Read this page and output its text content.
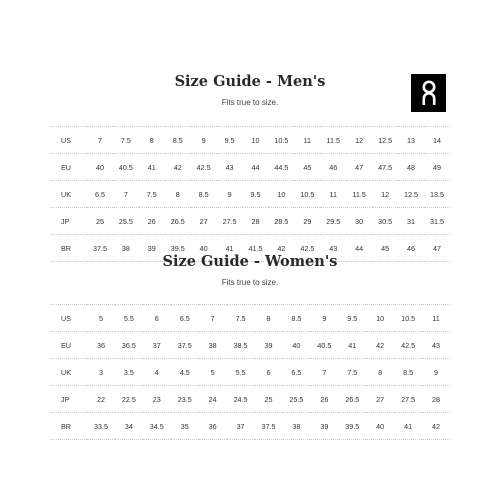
Size Guide - Men's

Fits true to size.

US	7	7.5	8	8.5	9	9.5	10	10.5	11	11.5	12	12.5	13	14
EU	40	40.5	41	42	42.5	43	44	44.5	45	46	47	47.5	48	49
UK	6.5	7	7.5	8	8.5	9	9.5	10	10.5	11	11.5	12	12.5	13.5
JP	25	25.5	26	26.5	27	27.5	28	28.5	29	29.5	30	30.5	31	31.5
BR	37.5	38	39	39.5	40	41	41.5	42	42.5	43	44	45	46	47
Size Guide - Women's

Fits true to size.

US	5	5.5	6	6.5	7	7.5	8	8.5	9	9.5	10	10.5	11
EU	36	36.5	37	37.5	38	38.5	39	40	40.5	41	42	42.5	43
UK	3	3.5	4	4.5	5	5.5	6	6.5	7	7.5	8	8.5	9
JP	22	22.5	23	23.5	24	24.5	25	25.5	26	26.5	27	27.5	28
BR	33.5	34	34.5	35	36	37	37.5	38	39	39.5	40	41	42
